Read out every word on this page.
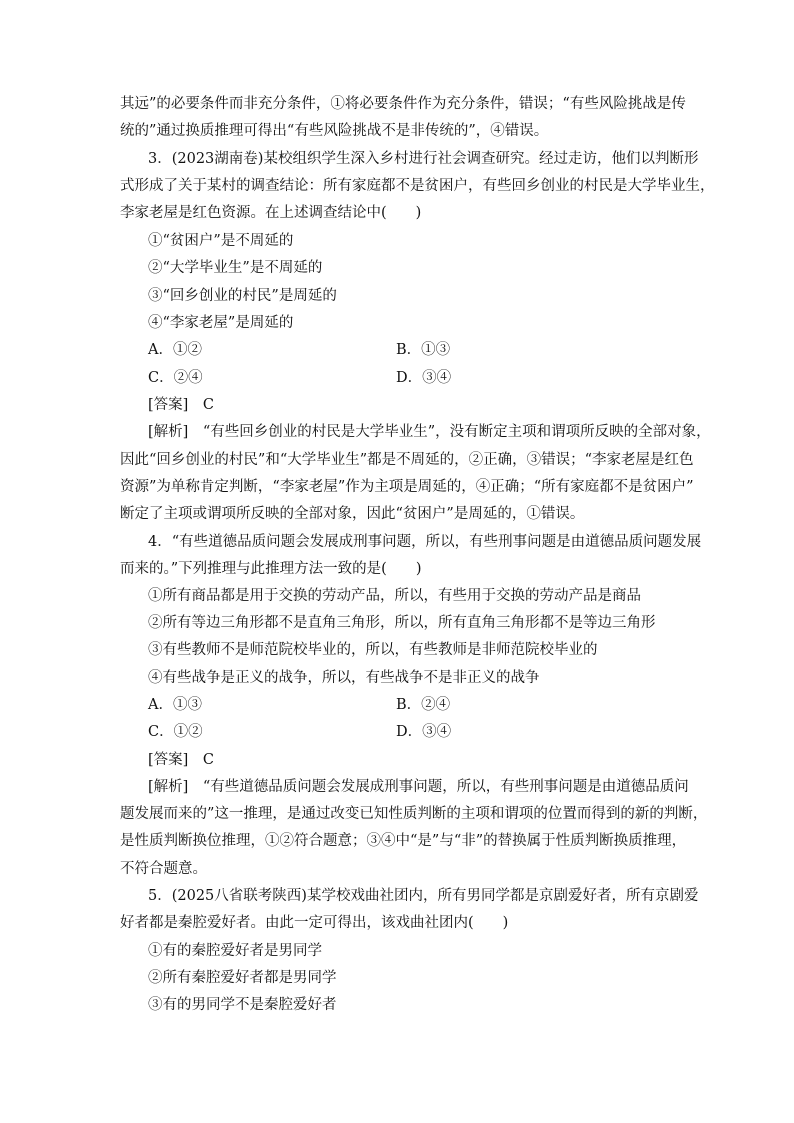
其远”的必要条件而非充分条件，①将必要条件作为充分条件，错误；“有些风险挑战是传
统的”通过换质推理可得出“有些风险挑战不是非传统的”，④错误。
3．(2023湖南卷)某校组织学生深入乡村进行社会调查研究。经过走访，他们以判断形
式形成了关于某村的调查结论：所有家庭都不是贫困户，有些回乡创业的村民是大学毕业生，
李家老屋是红色资源。在上述调查结论中(　　)
①“贫困户”是不周延的
②“大学毕业生”是不周延的
③“回乡创业的村民”是周延的
④“李家老屋”是周延的
A．①②	B．①③
C．②④	D．③④
[答案]　C
[解析]　“有些回乡创业的村民是大学毕业生”，没有断定主项和谓项所反映的全部对象，
因此“回乡创业的村民”和“大学毕业生”都是不周延的，②正确，③错误；“李家老屋是红色
资源”为单称肯定判断，“李家老屋”作为主项是周延的，④正确；“所有家庭都不是贫困户”
断定了主项或谓项所反映的全部对象，因此“贫困户”是周延的，①错误。
4．“有些道德品质问题会发展成刑事问题，所以，有些刑事问题是由道德品质问题发展
而来的。”下列推理与此推理方法一致的是(　　)
①所有商品都是用于交换的劳动产品，所以，有些用于交换的劳动产品是商品
②所有等边三角形都不是直角三角形，所以，所有直角三角形都不是等边三角形
③有些教师不是师范院校毕业的，所以，有些教师是非师范院校毕业的
④有些战争是正义的战争，所以，有些战争不是非正义的战争
A．①③	B．②④
C．①②	D．③④
[答案]　C
[解析]　“有些道德品质问题会发展成刑事问题，所以，有些刑事问题是由道德品质问
题发展而来的”这一推理，是通过改变已知性质判断的主项和谓项的位置而得到的新的判断，
是性质判断换位推理，①②符合题意；③④中“是”与“非”的替换属于性质判断换质推理，
不符合题意。
5．(2025八省联考陕西)某学校戏曲社团内，所有男同学都是京剧爱好者，所有京剧爱
好者都是秦腔爱好者。由此一定可得出，该戏曲社团内(　　)
①有的秦腔爱好者是男同学
②所有秦腔爱好者都是男同学
③有的男同学不是秦腔爱好者
